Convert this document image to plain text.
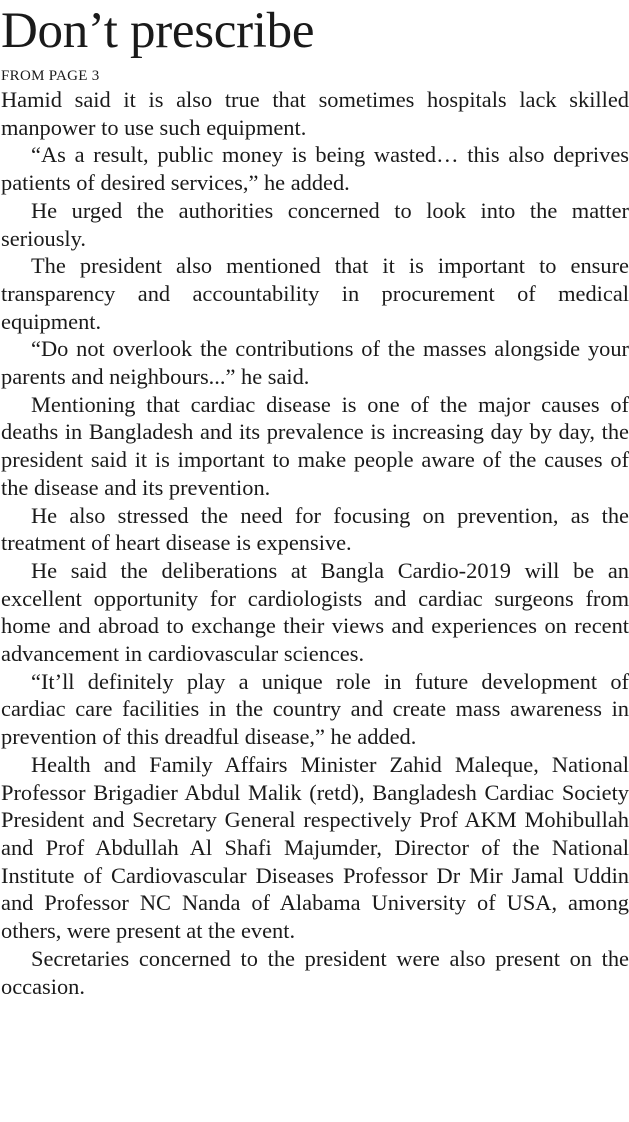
Don’t prescribe
FROM PAGE 3

Hamid said it is also true that sometimes hospitals lack skilled manpower to use such equipment.

“As a result, public money is being wasted… this also deprives patients of desired services,” he added.

He urged the authorities concerned to look into the matter seriously.

The president also mentioned that it is important to ensure transparency and accountability in procurement of medical equipment.

“Do not overlook the contributions of the masses alongside your parents and neighbours...” he said.

Mentioning that cardiac disease is one of the major causes of deaths in Bangladesh and its prevalence is increasing day by day, the president said it is important to make people aware of the causes of the disease and its prevention.

He also stressed the need for focusing on prevention, as the treatment of heart disease is expensive.

He said the deliberations at Bangla Cardio-2019 will be an excellent opportunity for cardiologists and cardiac surgeons from home and abroad to exchange their views and experiences on recent advancement in cardiovascular sciences.

“It’ll definitely play a unique role in future development of cardiac care facilities in the country and create mass awareness in prevention of this dreadful disease,” he added.

Health and Family Affairs Minister Zahid Maleque, National Professor Brigadier Abdul Malik (retd), Bangladesh Cardiac Society President and Secretary General respectively Prof AKM Mohibullah and Prof Abdullah Al Shafi Majumder, Director of the National Institute of Cardiovascular Diseases Professor Dr Mir Jamal Uddin and Professor NC Nanda of Alabama University of USA, among others, were present at the event.

Secretaries concerned to the president were also present on the occasion.
